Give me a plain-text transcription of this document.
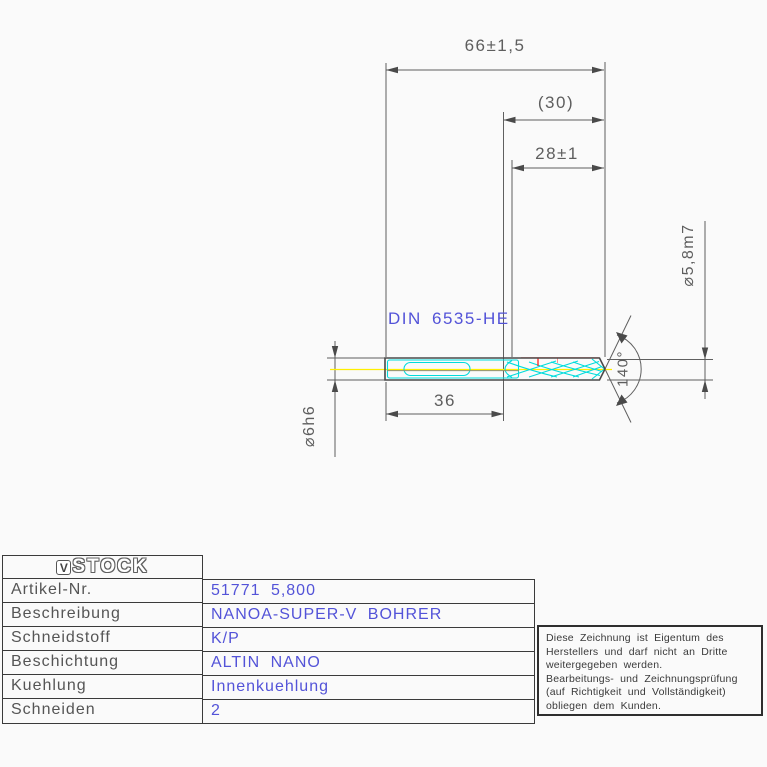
66±1,5
(30)
28±1
36
⌀6h6
⌀5,8m7
140°
DIN 6535-HE
V STOCK
Artikel-Nr.
Beschreibung
Schneidstoff
Beschichtung
Kuehlung
Schneiden
51771 5,800
NANOA-SUPER-V BOHRER
K/P
ALTIN NANO
Innenkuehlung
2
Diese Zeichnung ist Eigentum des
Herstellers und darf nicht an Dritte
weitergegeben werden.
Bearbeitungs- und Zeichnungsprüfung
(auf Richtigkeit und Vollständigkeit)
obliegen dem Kunden.
